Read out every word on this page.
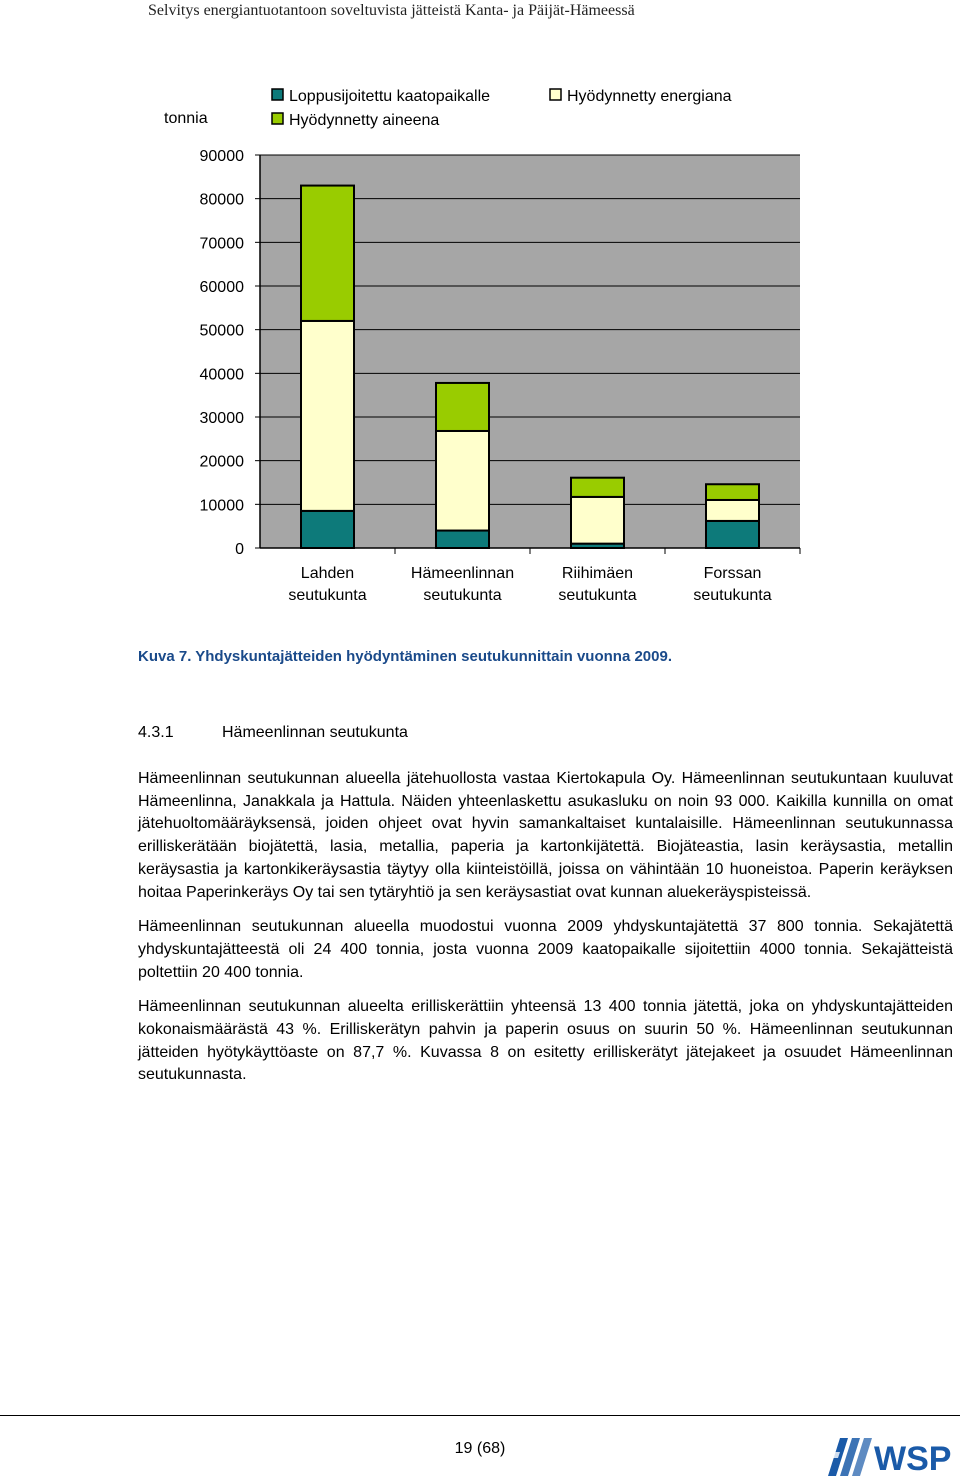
Selvitys energiantuotantoon soveltuvista jätteistä Kanta- ja Päijät-Hämeessä
tonnia
Loppusijoitettu kaatopaikalle
Hyödynnetty aineena
Hyödynnetty energiana
0
10000
20000
30000
40000
50000
60000
70000
80000
90000
Lahden
seutukunta
Hämeenlinnan
seutukunta
Riihimäen
seutukunta
Forssan
seutukunta
Kuva 7. Yhdyskuntajätteiden hyödyntäminen seutukunnittain vuonna 2009.
4.3.1	Hämeenlinnan seutukunta

Hämeenlinnan seutukunnan alueella jätehuollosta vastaa Kiertokapula Oy. Hämeenlinnan seutukuntaan kuuluvat Hämeenlinna, Janakkala ja Hattula. Näiden yhteenlaskettu asukasluku on noin 93 000. Kaikilla kunnilla on omat jätehuoltomääräyksensä, joiden ohjeet ovat hyvin samankaltaiset kuntalaisille. Hämeenlinnan seutukunnassa erilliskerätään biojätettä, lasia, metallia, paperia ja kartonkijätettä. Biojäteastia, lasin keräysastia, metallin keräysastia ja kartonkikeräysastia täytyy olla kiinteistöillä, joissa on vähintään 10 huoneistoa. Paperin keräyksen hoitaa Paperinkeräys Oy tai sen tytäryhtiö ja sen keräysastiat ovat kunnan aluekeräyspisteissä.

Hämeenlinnan seutukunnan alueella muodostui vuonna 2009 yhdyskuntajätettä 37 800 tonnia. Sekajätettä yhdyskuntajätteestä oli 24 400 tonnia, josta vuonna 2009 kaatopaikalle sijoitettiin 4000 tonnia. Sekajätteistä poltettiin 20 400 tonnia.

Hämeenlinnan seutukunnan alueelta erilliskerättiin yhteensä 13 400 tonnia jätettä, joka on yhdyskuntajätteiden kokonaismäärästä 43 %. Erilliskerätyn pahvin ja paperin osuus on suurin 50 %. Hämeenlinnan seutukunnan jätteiden hyötykäyttöaste on 87,7 %. Kuvassa 8 on esitetty erilliskerätyt jätejakeet ja osuudet Hämeenlinnan seutukunnasta.

19 (68)	WSP
